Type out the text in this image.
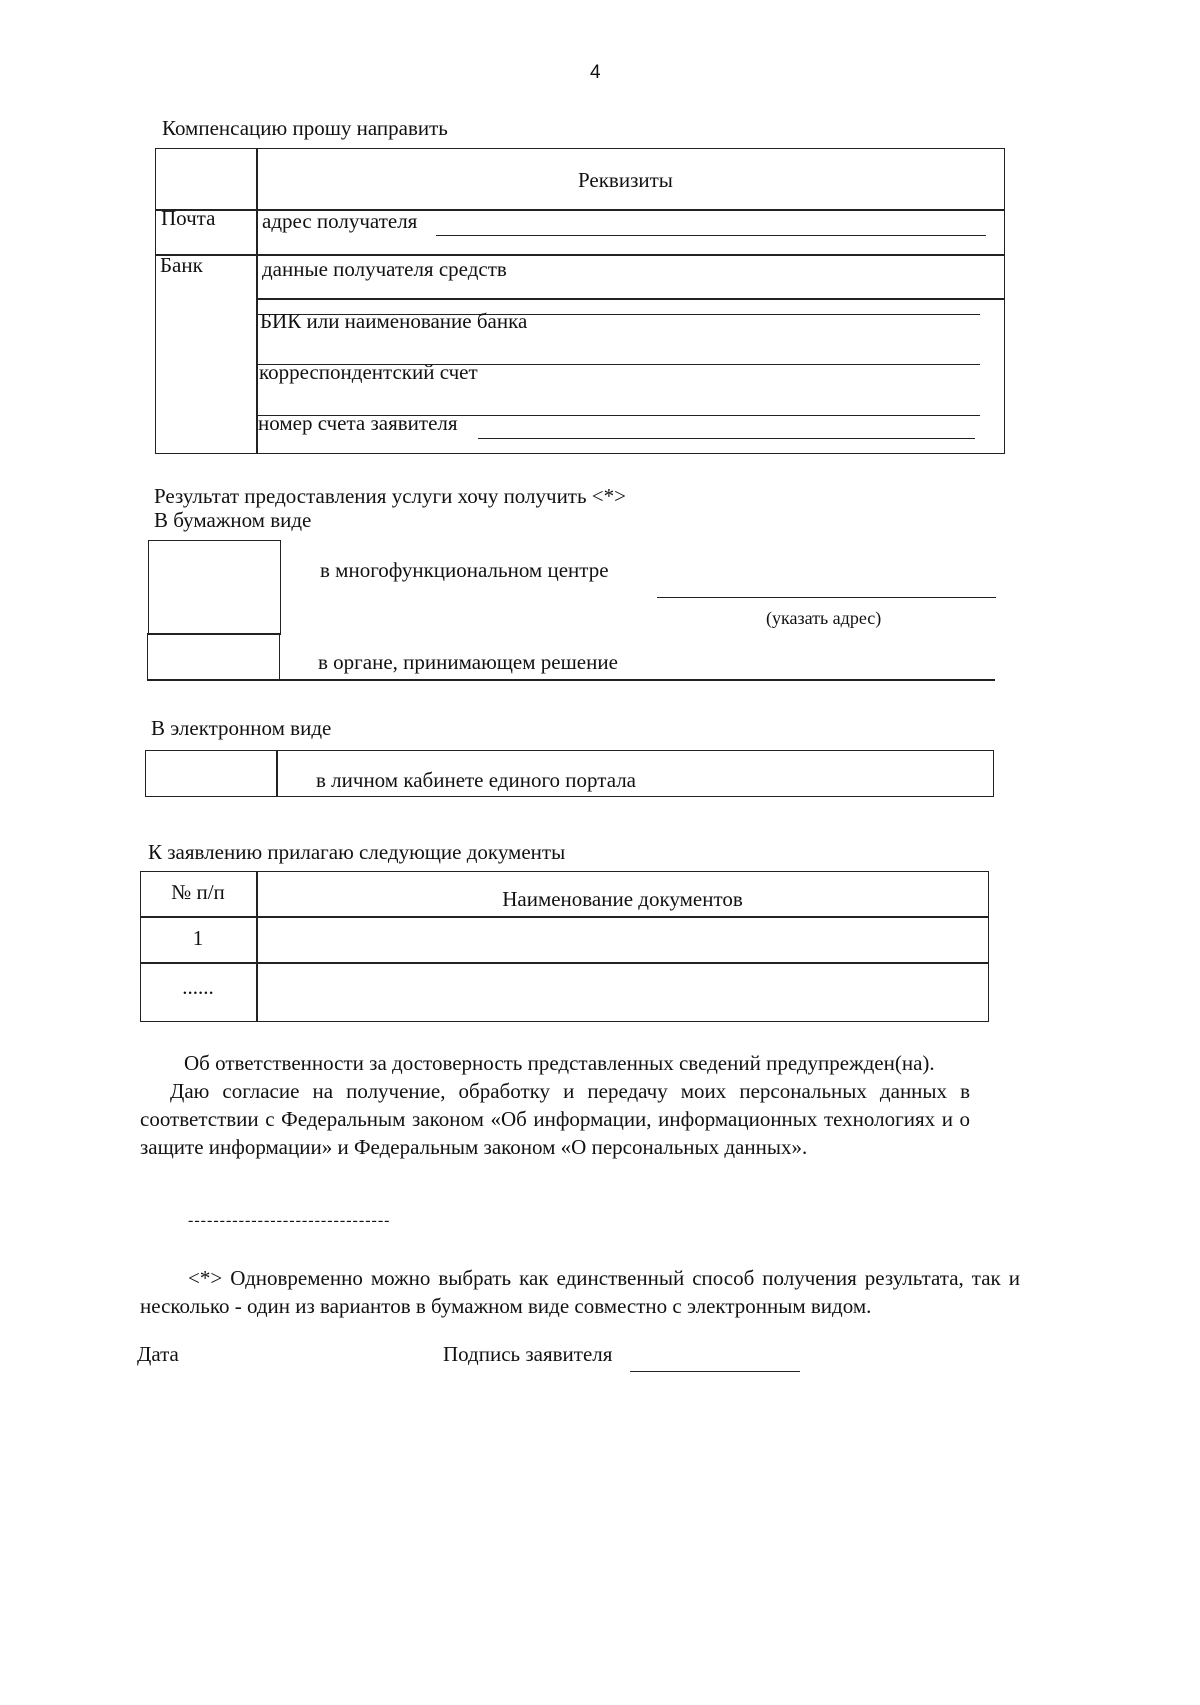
4
Компенсацию прошу направить
Реквизиты
Почта адрес получателя
Банк	данные получателя средств
БИК или наименование банка
корреспондентский счет
номер счета заявителя
Результат предоставления услуги хочу получить <*>
В бумажном виде
в многофункциональном центре
(указать адрес)
в органе, принимающем решение
В электронном виде
в личном кабинете единого портала
К заявлению прилагаю следующие документы
№ п/п	Наименование документов
1
......
Об ответственности за достоверность представленных сведений предупрежден(на).
Даю согласие на получение, обработку и передачу моих персональных данных в соответствии с Федеральным законом «Об информации, информационных технологиях и о защите информации» и Федеральным законом «О персональных данных».
--------------------------------
<*> Одновременно можно выбрать как единственный способ получения результата, так и несколько - один из вариантов в бумажном виде совместно с электронным видом.
Дата	Подпись заявителя
